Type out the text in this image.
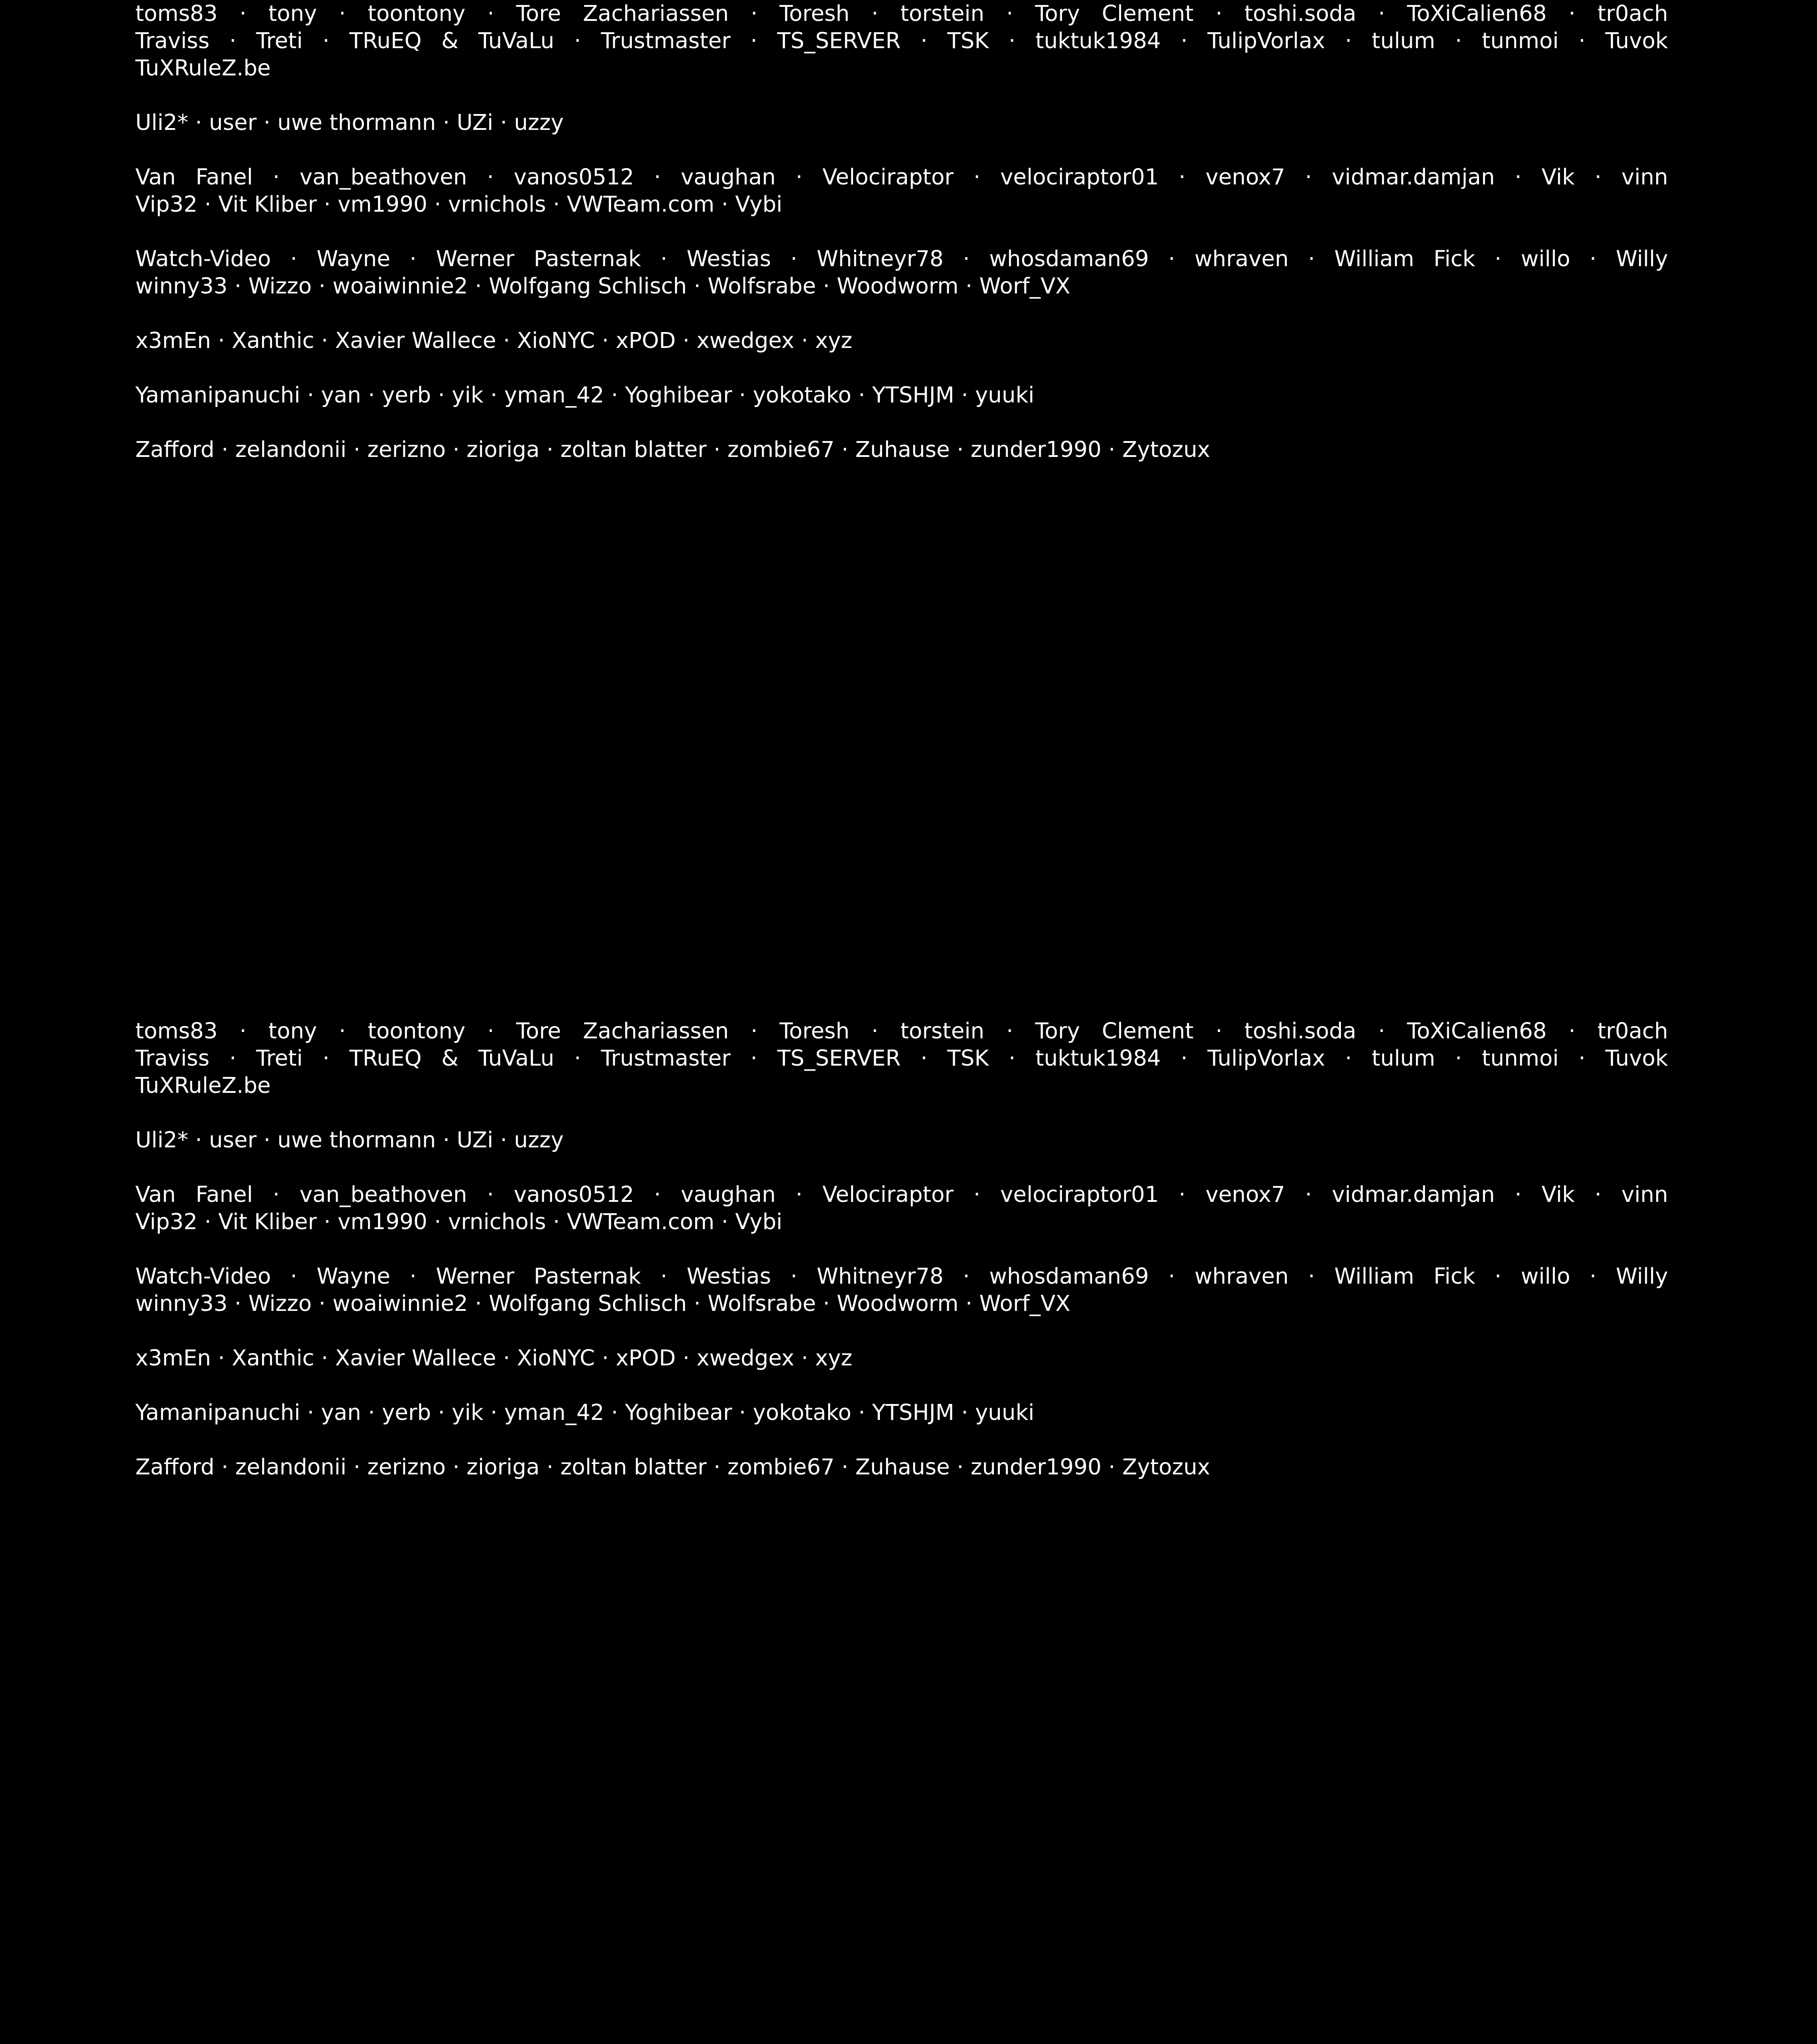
toms83 · tony · toontony · Tore Zachariassen · Toresh · torstein · Tory Clement · toshi.soda · ToXiCalien68 · tr0ach
Traviss · Treti · TRuEQ & TuVaLu · Trustmaster · TS_SERVER · TSK · tuktuk1984 · TulipVorlax · tulum · tunmoi · Tuvok
TuXRuleZ.be
Uli2* · user · uwe thormann · UZi · uzzy
Van Fanel · van_beathoven · vanos0512 · vaughan · Velociraptor · velociraptor01 · venox7 · vidmar.damjan · Vik · vinn
Vip32 · Vit Kliber · vm1990 · vrnichols · VWTeam.com · Vybi
Watch-Video · Wayne · Werner Pasternak · Westias · Whitneyr78 · whosdaman69 · whraven · William Fick · willo · Willy
winny33 · Wizzo · woaiwinnie2 · Wolfgang Schlisch · Wolfsrabe · Woodworm · Worf_VX
x3mEn · Xanthic · Xavier Wallece · XioNYC · xPOD · xwedgex · xyz
Yamanipanuchi · yan · yerb · yik · yman_42 · Yoghibear · yokotako · YTSHJM · yuuki
Zafford · zelandonii · zerizno · zioriga · zoltan blatter · zombie67 · Zuhause · zunder1990 · Zytozux
toms83 · tony · toontony · Tore Zachariassen · Toresh · torstein · Tory Clement · toshi.soda · ToXiCalien68 · tr0ach
Traviss · Treti · TRuEQ & TuVaLu · Trustmaster · TS_SERVER · TSK · tuktuk1984 · TulipVorlax · tulum · tunmoi · Tuvok
TuXRuleZ.be
Uli2* · user · uwe thormann · UZi · uzzy
Van Fanel · van_beathoven · vanos0512 · vaughan · Velociraptor · velociraptor01 · venox7 · vidmar.damjan · Vik · vinn
Vip32 · Vit Kliber · vm1990 · vrnichols · VWTeam.com · Vybi
Watch-Video · Wayne · Werner Pasternak · Westias · Whitneyr78 · whosdaman69 · whraven · William Fick · willo · Willy
winny33 · Wizzo · woaiwinnie2 · Wolfgang Schlisch · Wolfsrabe · Woodworm · Worf_VX
x3mEn · Xanthic · Xavier Wallece · XioNYC · xPOD · xwedgex · xyz
Yamanipanuchi · yan · yerb · yik · yman_42 · Yoghibear · yokotako · YTSHJM · yuuki
Zafford · zelandonii · zerizno · zioriga · zoltan blatter · zombie67 · Zuhause · zunder1990 · Zytozux
